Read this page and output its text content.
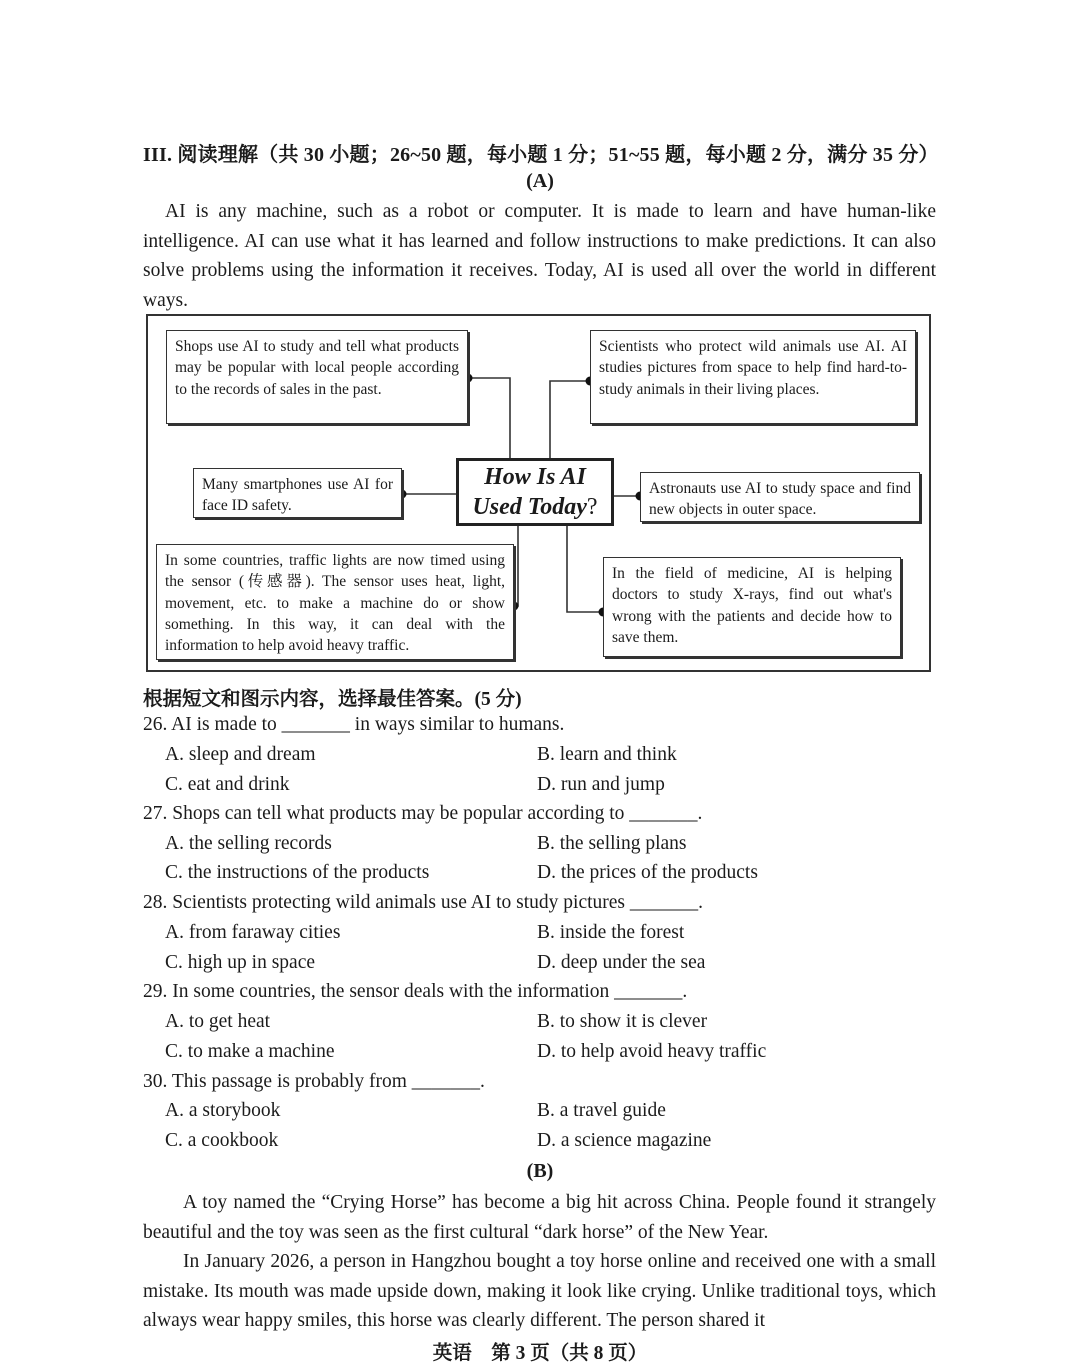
III. 阅读理解（共 30 小题；26~50 题，每小题 1 分；51~55 题，每小题 2 分，满分 35 分）
(A)
AI is any machine, such as a robot or computer. It is made to learn and have human-like intelligence. AI can use what it has learned and follow instructions to make predictions. It can also solve problems using the information it receives. Today, AI is used all over the world in different ways.
Shops use AI to study and tell what products may be popular with local people according to the records of sales in the past.
Scientists who protect wild animals use AI. AI studies pictures from space to help find hard-to-study animals in their living places.
Many smartphones use AI for face ID safety.
How Is AI
Used Today?
Astronauts use AI to study space and find new objects in outer space.
In some countries, traffic lights are now timed using the sensor (传感器). The sensor uses heat, light, movement, etc. to make a machine do or show something. In this way, it can deal with the information to help avoid heavy traffic.
In the field of medicine, AI is helping doctors to study X-rays, find out what's wrong with the patients and decide how to save them.
根据短文和图示内容，选择最佳答案。(5 分)
26. AI is made to _______ in ways similar to humans.
A. sleep and dream	B. learn and think
C. eat and drink	D. run and jump
27. Shops can tell what products may be popular according to _______.
A. the selling records	B. the selling plans
C. the instructions of the products	D. the prices of the products
28. Scientists protecting wild animals use AI to study pictures _______.
A. from faraway cities	B. inside the forest
C. high up in space	D. deep under the sea
29. In some countries, the sensor deals with the information _______.
A. to get heat	B. to show it is clever
C. to make a machine	D. to help avoid heavy traffic
30. This passage is probably from _______.
A. a storybook	B. a travel guide
C. a cookbook	D. a science magazine
(B)
A toy named the “Crying Horse” has become a big hit across China. People found it strangely beautiful and the toy was seen as the first cultural “dark horse” of the New Year.
In January 2026, a person in Hangzhou bought a toy horse online and received one with a small mistake. Its mouth was made upside down, making it look like crying. Unlike traditional toys, which always wear happy smiles, this horse was clearly different. The person shared it
英语　第 3 页（共 8 页）
